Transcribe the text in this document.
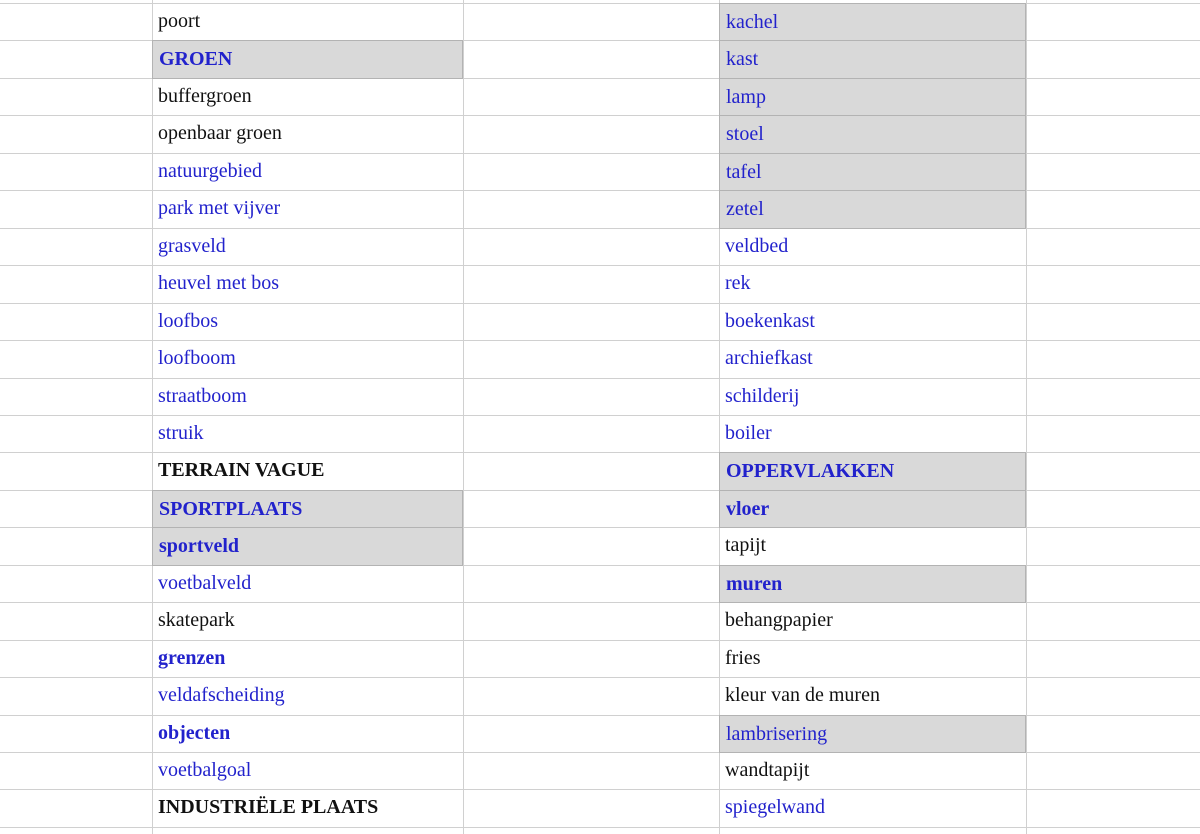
poort
GROEN
buffergroen
openbaar groen
natuurgebied
park met vijver
grasveld
heuvel met bos
loofbos
loofboom
straatboom
struik
TERRAIN VAGUE
SPORTPLAATS
sportveld
voetbalveld
skatepark
grenzen
veldafscheiding
objecten
voetbalgoal
INDUSTRIËLE PLAATS
kachel
kast
lamp
stoel
tafel
zetel
veldbed
rek
boekenkast
archiefkast
schilderij
boiler
OPPERVLAKKEN
vloer
tapijt
muren
behangpapier
fries
kleur van de muren
lambrisering
wandtapijt
spiegelwand
